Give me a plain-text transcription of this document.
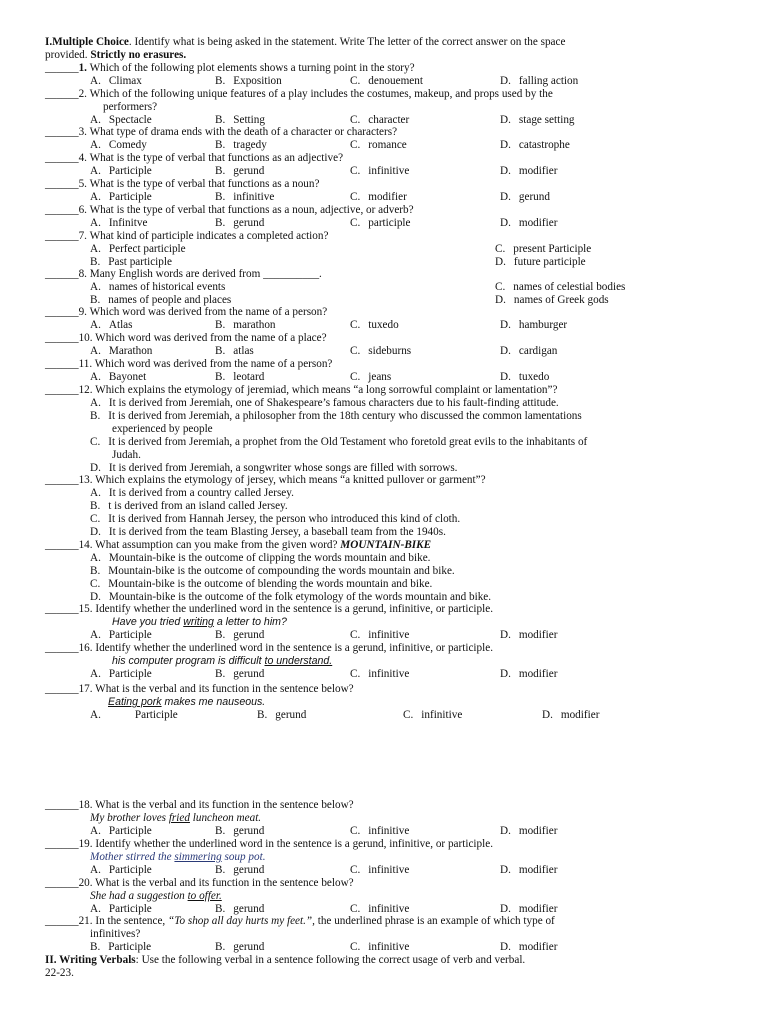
I.Multiple Choice. Identify what is being asked in the statement. Write The letter of the correct answer on the space
provided. Strictly no erasures.
______1. Which of the following plot elements shows a turning point in the story?
A. Climax	B. Exposition	C. denouement	D. falling action
______2. Which of the following unique features of a play includes the costumes, makeup, and props used by the
performers?
A. Spectacle	B. Setting	C. character	D. stage setting
______3. What type of drama ends with the death of a character or characters?
A. Comedy	B. tragedy	C. romance	D. catastrophe
______4. What is the type of verbal that functions as an adjective?
A. Participle	B. gerund	C. infinitive	D. modifier
______5. What is the type of verbal that functions as a noun?
A. Participle	B. infinitive	C. modifier	D. gerund
______6. What is the type of verbal that functions as a noun, adjective, or adverb?
A. Infinitve	B. gerund	C. participle	D. modifier
______7. What kind of participle indicates a completed action?
A. Perfect participle	C. present Participle
B. Past participle	D. future participle
______8. Many English words are derived from __________.
A. names of historical events	C. names of celestial bodies
B. names of people and places	D. names of Greek gods
______9. Which word was derived from the name of a person?
A. Atlas	B. marathon	C. tuxedo	D. hamburger
______10. Which word was derived from the name of a place?
A. Marathon	B. atlas	C. sideburns	D. cardigan
______11. Which word was derived from the name of a person?
A. Bayonet	B. leotard	C. jeans	D. tuxedo
______12. Which explains the etymology of jeremiad, which means “a long sorrowful complaint or lamentation”?
A. It is derived from Jeremiah, one of Shakespeare’s famous characters due to his fault-finding attitude.
B. It is derived from Jeremiah, a philosopher from the 18th century who discussed the common lamentations
experienced by people
C. It is derived from Jeremiah, a prophet from the Old Testament who foretold great evils to the inhabitants of
Judah.
D. It is derived from Jeremiah, a songwriter whose songs are filled with sorrows.
______13. Which explains the etymology of jersey, which means “a knitted pullover or garment”?
A. It is derived from a country called Jersey.
B. t is derived from an island called Jersey.
C. It is derived from Hannah Jersey, the person who introduced this kind of cloth.
D. It is derived from the team Blasting Jersey, a baseball team from the 1940s.
______14. What assumption can you make from the given word? MOUNTAIN-BIKE
A. Mountain-bike is the outcome of clipping the words mountain and bike.
B. Mountain-bike is the outcome of compounding the words mountain and bike.
C. Mountain-bike is the outcome of blending the words mountain and bike.
D. Mountain-bike is the outcome of the folk etymology of the words mountain and bike.
______15. Identify whether the underlined word in the sentence is a gerund, infinitive, or participle.
Have you tried writing a letter to him?
A. Participle	B. gerund	C. infinitive	D. modifier
______16. Identify whether the underlined word in the sentence is a gerund, infinitive, or participle.
his computer program is difficult to understand.
A. Participle	B. gerund	C. infinitive	D. modifier
______17. What is the verbal and its function in the sentence below?
Eating pork makes me nauseous.
A.	Participle	B. gerund	C. infinitive	D. modifier
______18. What is the verbal and its function in the sentence below?
My brother loves fried luncheon meat.
A. Participle	B. gerund	C. infinitive	D. modifier
______19. Identify whether the underlined word in the sentence is a gerund, infinitive, or participle.
Mother stirred the simmering soup pot.
A. Participle	B. gerund	C. infinitive	D. modifier
______20. What is the verbal and its function in the sentence below?
She had a suggestion to offer.
A. Participle	B. gerund	C. infinitive	D. modifier
______21. In the sentence, “To shop all day hurts my feet.”, the underlined phrase is an example of which type of
infinitives?
B. Participle	B. gerund	C. infinitive	D. modifier
II. Writing Verbals: Use the following verbal in a sentence following the correct usage of verb and verbal.
22-23.
